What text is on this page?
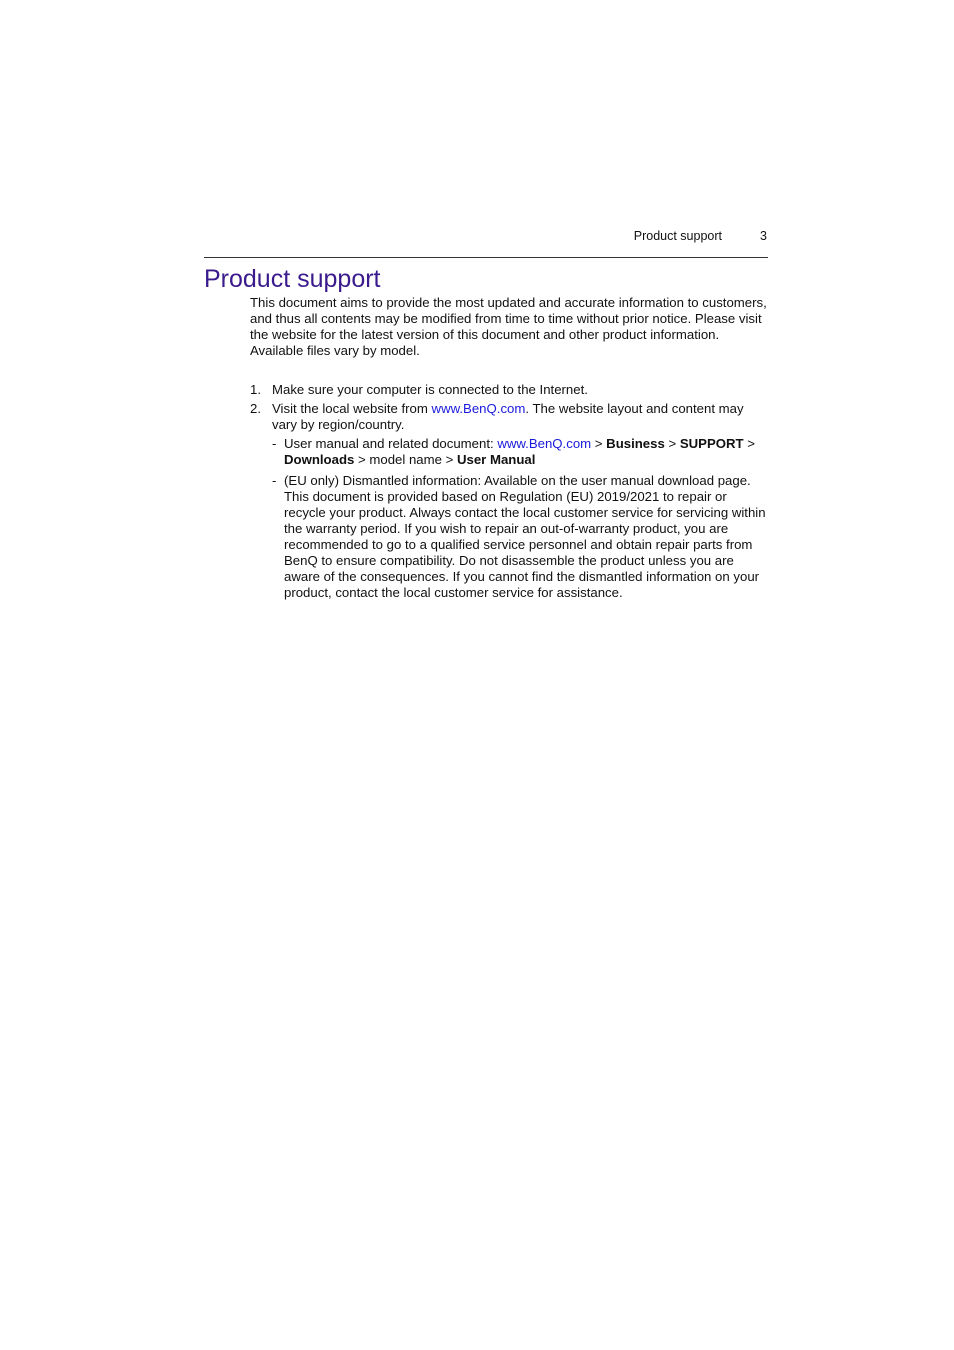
Product support	3
Product support

This document aims to provide the most updated and accurate information to customers, and thus all contents may be modified from time to time without prior notice. Please visit the website for the latest version of this document and other product information. Available files vary by model.

1. Make sure your computer is connected to the Internet.
2. Visit the local website from www.BenQ.com. The website layout and content may vary by region/country.
- User manual and related document: www.BenQ.com > Business > SUPPORT > Downloads > model name > User Manual
- (EU only) Dismantled information: Available on the user manual download page. This document is provided based on Regulation (EU) 2019/2021 to repair or recycle your product. Always contact the local customer service for servicing within the warranty period. If you wish to repair an out-of-warranty product, you are recommended to go to a qualified service personnel and obtain repair parts from BenQ to ensure compatibility. Do not disassemble the product unless you are aware of the consequences. If you cannot find the dismantled information on your product, contact the local customer service for assistance.
